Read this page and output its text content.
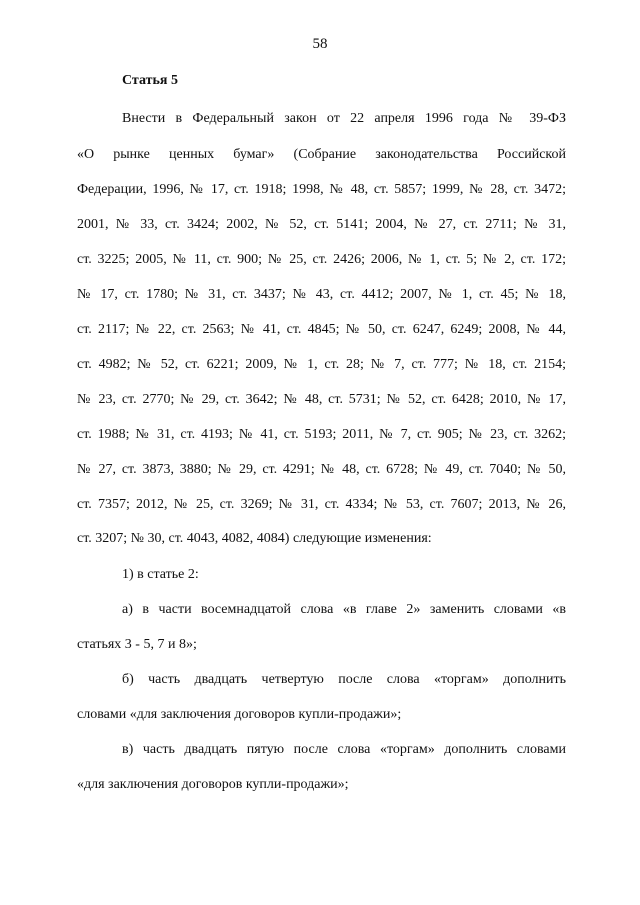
58
Статья 5
Внести в Федеральный закон от 22 апреля 1996 года № 39-ФЗ
«О рынке ценных бумаг» (Собрание законодательства Российской
Федерации, 1996, № 17, ст. 1918; 1998, № 48, ст. 5857; 1999, № 28, ст. 3472;
2001, № 33, ст. 3424; 2002, № 52, ст. 5141; 2004, № 27, ст. 2711; № 31,
ст. 3225; 2005, № 11, ст. 900; № 25, ст. 2426; 2006, № 1, ст. 5; № 2, ст. 172;
№ 17, ст. 1780; № 31, ст. 3437; № 43, ст. 4412; 2007, № 1, ст. 45; № 18,
ст. 2117; № 22, ст. 2563; № 41, ст. 4845; № 50, ст. 6247, 6249; 2008, № 44,
ст. 4982; № 52, ст. 6221; 2009, № 1, ст. 28; № 7, ст. 777; № 18, ст. 2154;
№ 23, ст. 2770; № 29, ст. 3642; № 48, ст. 5731; № 52, ст. 6428; 2010, № 17,
ст. 1988; № 31, ст. 4193; № 41, ст. 5193; 2011, № 7, ст. 905; № 23, ст. 3262;
№ 27, ст. 3873, 3880; № 29, ст. 4291; № 48, ст. 6728; № 49, ст. 7040; № 50,
ст. 7357; 2012, № 25, ст. 3269; № 31, ст. 4334; № 53, ст. 7607; 2013, № 26,
ст. 3207; № 30, ст. 4043, 4082, 4084) следующие изменения:
1) в статье 2:
а) в части восемнадцатой слова «в главе 2» заменить словами «в
статьях 3 - 5, 7 и 8»;
б) часть двадцать четвертую после слова «торгам» дополнить
словами «для заключения договоров купли-продажи»;
в) часть двадцать пятую после слова «торгам» дополнить словами
«для заключения договоров купли-продажи»;
